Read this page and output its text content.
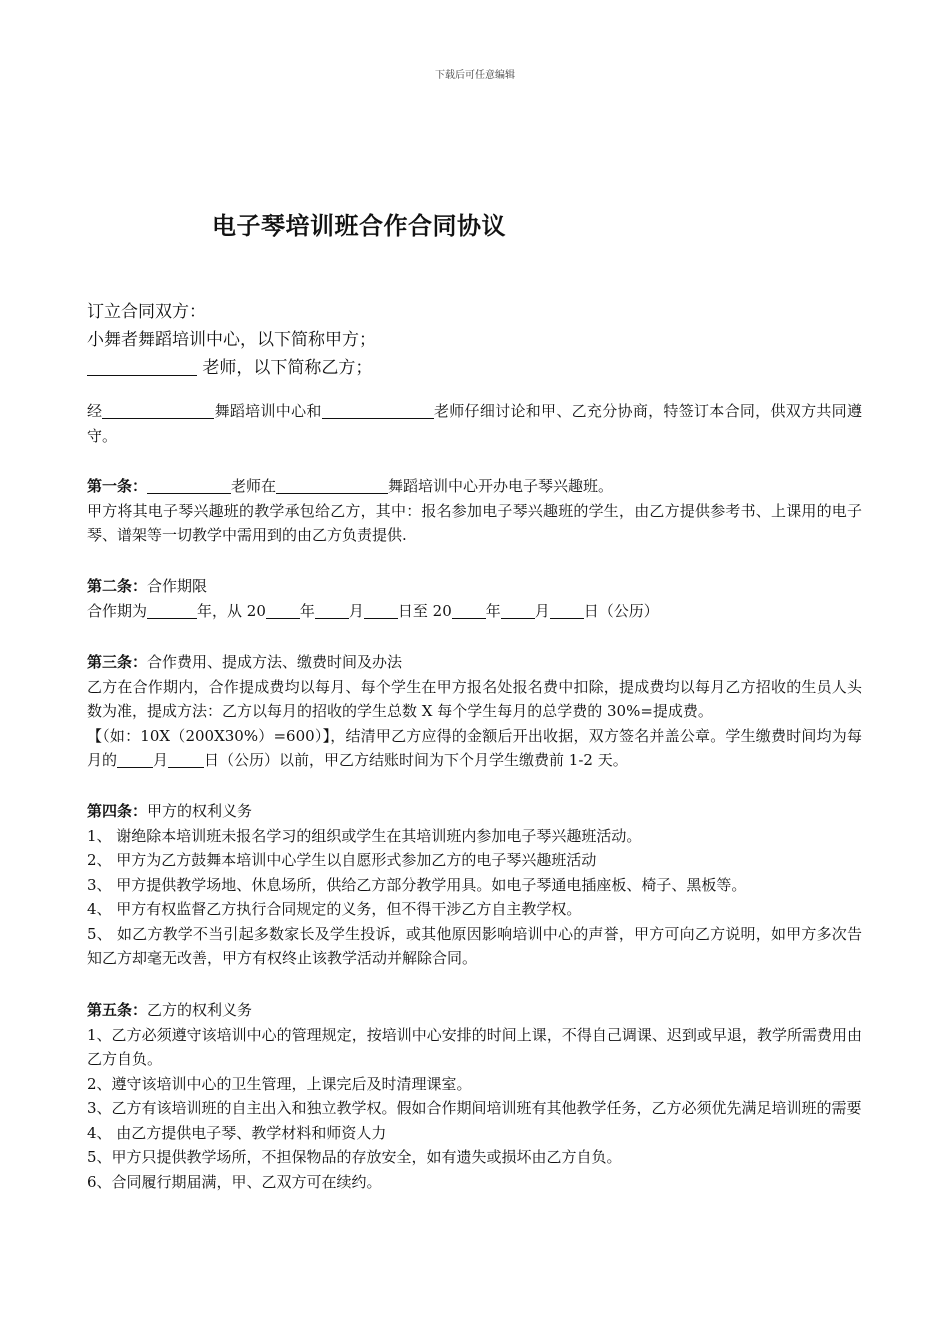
下载后可任意编辑
电子琴培训班合作合同协议
订立合同双方：
小舞者舞蹈培训中心，以下简称甲方；
老师，以下简称乙方；
经	舞蹈培训中心和	老师仔细讨论和甲、乙充分协商，特签订本合同，供双方共同遵守。
第一条：	老师在	舞蹈培训中心开办电子琴兴趣班。
甲方将其电子琴兴趣班的教学承包给乙方，其中：报名参加电子琴兴趣班的学生，由乙方提供参考书、上课用的电子琴、谱架等一切教学中需用到的由乙方负责提供.
第二条：合作期限
合作期为	年，从 20 年 月 日至 20 年 月 日（公历）
第三条：合作费用、提成方法、缴费时间及办法
乙方在合作期内，合作提成费均以每月、每个学生在甲方报名处报名费中扣除，提成费均以每月乙方招收的生员人头数为准，提成方法：乙方以每月的招收的学生总数 X 每个学生每月的总学费的 30%=提成费。
【（如：10X（200X30%）=600）】，结清甲乙方应得的金额后开出收据，双方签名并盖公章。学生缴费时间均为每月的 月 日（公历）以前，甲乙方结账时间为下个月学生缴费前 1-2 天。
第四条：甲方的权利义务
1、 谢绝除本培训班未报名学习的组织或学生在其培训班内参加电子琴兴趣班活动。
2、 甲方为乙方鼓舞本培训中心学生以自愿形式参加乙方的电子琴兴趣班活动
3、 甲方提供教学场地、休息场所，供给乙方部分教学用具。如电子琴通电插座板、椅子、黑板等。
4、 甲方有权监督乙方执行合同规定的义务，但不得干涉乙方自主教学权。
5、 如乙方教学不当引起多数家长及学生投诉，或其他原因影响培训中心的声誉，甲方可向乙方说明，如甲方多次告知乙方却毫无改善，甲方有权终止该教学活动并解除合同。
第五条：乙方的权利义务
1、乙方必须遵守该培训中心的管理规定，按培训中心安排的时间上课，不得自己调课、迟到或早退，教学所需费用由乙方自负。
2、遵守该培训中心的卫生管理，上课完后及时清理课室。
3、乙方有该培训班的自主出入和独立教学权。假如合作期间培训班有其他教学任务，乙方必须优先满足培训班的需要
4、 由乙方提供电子琴、教学材料和师资人力
5、甲方只提供教学场所，不担保物品的存放安全，如有遗失或损坏由乙方自负。
6、合同履行期届满，甲、乙双方可在续约。
